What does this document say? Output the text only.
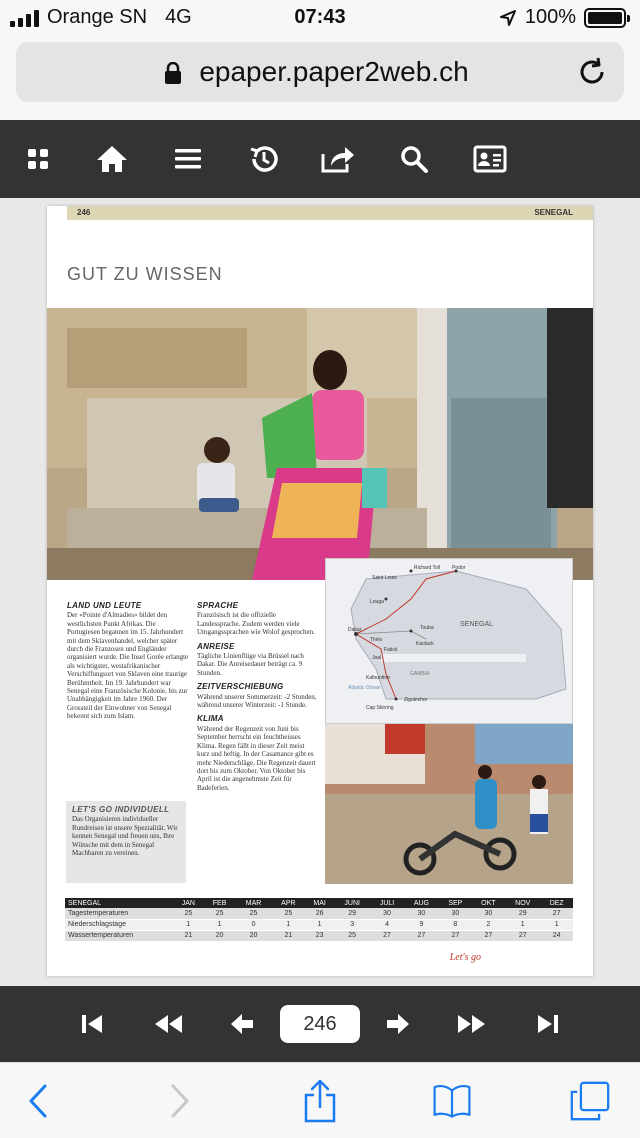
Orange SN 4G	07:43	100%
epaper.paper2web.ch
246	SENEGAL
GUT ZU WISSEN
SENEGAL
GAMBIA
Atlantic Ocean
Dakar
Saint Louis
Richard Toll Podor
Louga
Thiès
Touba
Kaolack
Fatick
Joal
Kafountine
Cap Skirring
Ziguinchor
LAND UND LEUTE

Der «Pointe d'Almadies» bildet den westlichsten Punkt Afrikas. Die Portugiesen begannen im 15. Jahrhundert mit dem Sklavenhandel, welcher später durch die Franzosen und Engländer organisiert wurde. Die Insel Gorée erlangte als wichtigster, westafrikanischer Verschiffungsort von Sklaven eine traurige Berühmtheit. Im 19. Jahrhundert war Senegal eine Französische Kolonie, bis zur Unabhängigkeit im Jahre 1960. Der Grossteil der Einwohner von Senegal bekennt sich zum Islam.

SPRACHE

Französisch ist die offizielle Landessprache. Zudem werden viele Umgangssprachen wie Wolof gesprochen.

ANREISE

Tägliche Linienflüge via Brüssel nach Dakar. Die Anreisedauer beträgt ca. 9 Stunden.

ZEITVERSCHIEBUNG

Während unserer Sommerzeit: -2 Stunden, während unserer Winterzeit: -1 Stunde.

KLIMA

Während der Regenzeit von Juni bis September herrscht ein feuchtheisses Klima. Regen fällt in dieser Zeit meist kurz und heftig. In der Casamance gibt es mehr Niederschläge. Die Regenzeit dauert dort bis zum Oktober. Von Oktober bis April ist die angenehmste Zeit für Badeferien.

LET'S GO INDIVIDUELL

Das Organisieren individueller Rundreisen ist unsere Spezialität. Wir kennen Senegal und freuen uns, Ihre Wünsche mit dem in Senegal Machbaren zu vereinen.

SENEGAL	JAN	FEB	MAR	APR	MAI	JUNI	JULI	AUG	SEP	OKT	NOV	DEZ
Tagestemperaturen	25	25	25	25	26	29	30	30	30	30	29	27
Niederschlagstage	1	1	0	1	1	3	4	9	8	2	1	1
Wassertemperaturen	21	20	20	21	23	25	27	27	27	27	27	24
Let's go
246
